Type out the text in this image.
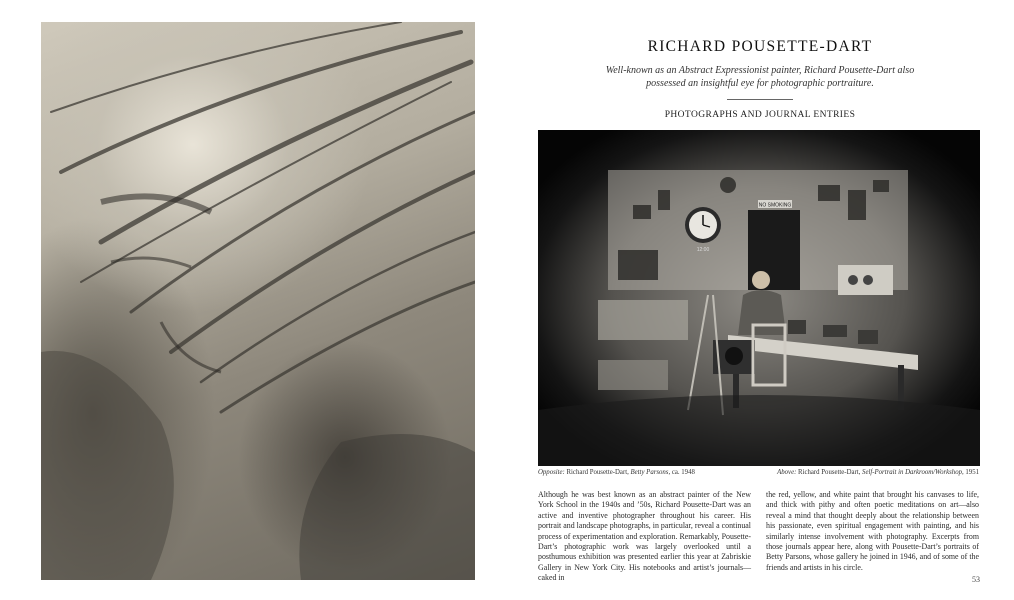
RICHARD POUSETTE-DART

Well-known as an Abstract Expressionist painter, Richard Pousette-Dart also
possessed an insightful eye for photographic portraiture.

PHOTOGRAPHS AND JOURNAL ENTRIES

NO SMOKING
12:00
Opposite: Richard Pousette-Dart, Betty Parsons, ca. 1948	Above: Richard Pousette-Dart, Self-Portrait in Darkroom/Workshop, 1951

Although he was best known as an abstract painter of the New York School in the 1940s and ’50s, Richard Pousette-Dart was an active and inventive photographer throughout his career. His portrait and landscape photographs, in particular, reveal a continual process of experimentation and exploration. Remarkably, Pousette-Dart’s photographic work was largely overlooked until a posthumous exhibition was presented earlier this year at Zabriskie Gallery in New York City. His notebooks and artist’s journals—caked in

the red, yellow, and white paint that brought his canvases to life, and thick with pithy and often poetic meditations on art—also reveal a mind that thought deeply about the relationship between his passionate, even spiritual engagement with painting, and his similarly intense involvement with photography. Excerpts from those journals appear here, along with Pousette-Dart’s portraits of Betty Parsons, whose gallery he joined in 1946, and of some of the friends and artists in his circle.

53
